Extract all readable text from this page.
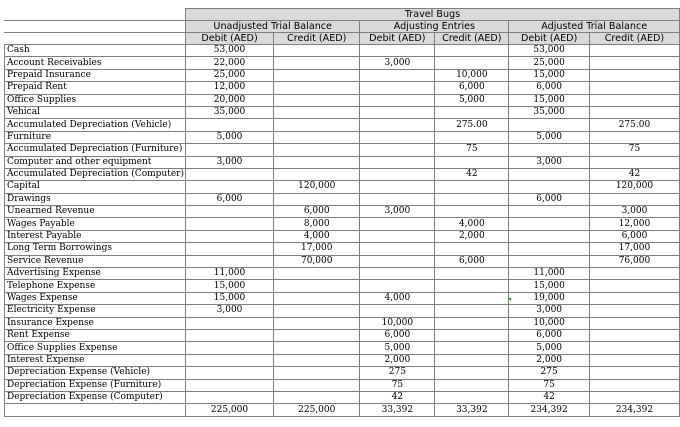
	Travel Bugs					
	Unadjusted Trial Balance		Adjusting Entries		Adjusted Trial Balance	
	Debit (AED)	Credit (AED)	Debit (AED)	Credit (AED)	Debit (AED)	Credit (AED)
Cash	53,000				53,000	
Account Receivables	22,000		3,000		25,000	
Prepaid Insurance	25,000			10,000	15,000	
Prepaid Rent	12,000			6,000	6,000	
Office Supplies	20,000			5,000	15,000	
Vehical	35,000				35,000	
Accumulated Depreciation (Vehicle)				275.00		275.00
Furniture	5,000				5,000	
Accumulated Depreciation (Furniture)				75		75
Computer and other equipment	3,000				3,000	
Accumulated Depreciation (Computer)				42		42
Capital		120,000				120,000
Drawings	6,000				6,000	
Unearned Revenue		6,000	3,000			3,000
Wages Payable		8,000		4,000		12,000
Interest Payable		4,000		2,000		6,000
Long Term Borrowings		17,000				17,000
Service Revenue		70,000		6,000		76,000
Advertising Expense	11,000				11,000	
Telephone Expense	15,000				15,000	
Wages Expense	15,000		4,000		19,000	
Electricity Expense	3,000				3,000	
Insurance Expense			10,000		10,000	
Rent Expense			6,000		6,000	
Office Supplies Expense			5,000		5,000	
Interest Expense			2,000		2,000	
Depreciation Expense (Vehicle)			275		275	
Depreciation Expense (Furniture)			75		75	
Depreciation Expense (Computer)			42		42	
	225,000	225,000	33,392	33,392	234,392	234,392
